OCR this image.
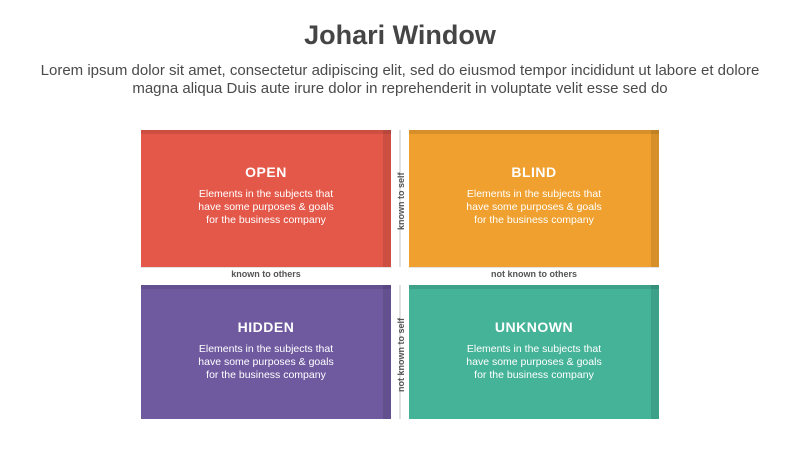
Johari Window
Lorem ipsum dolor sit amet, consectetur adipiscing elit, sed do eiusmod tempor incididunt ut labore et dolore magna aliqua Duis aute irure dolor in reprehenderit in voluptate velit esse sed do
OPEN
Elements in the subjects that have some purposes & goals for the business company
BLIND
Elements in the subjects that have some purposes & goals for the business company
HIDDEN
Elements in the subjects that have some purposes & goals for the business company
UNKNOWN
Elements in the subjects that have some purposes & goals for the business company
known to others	not known to others
known to self
not known to self
